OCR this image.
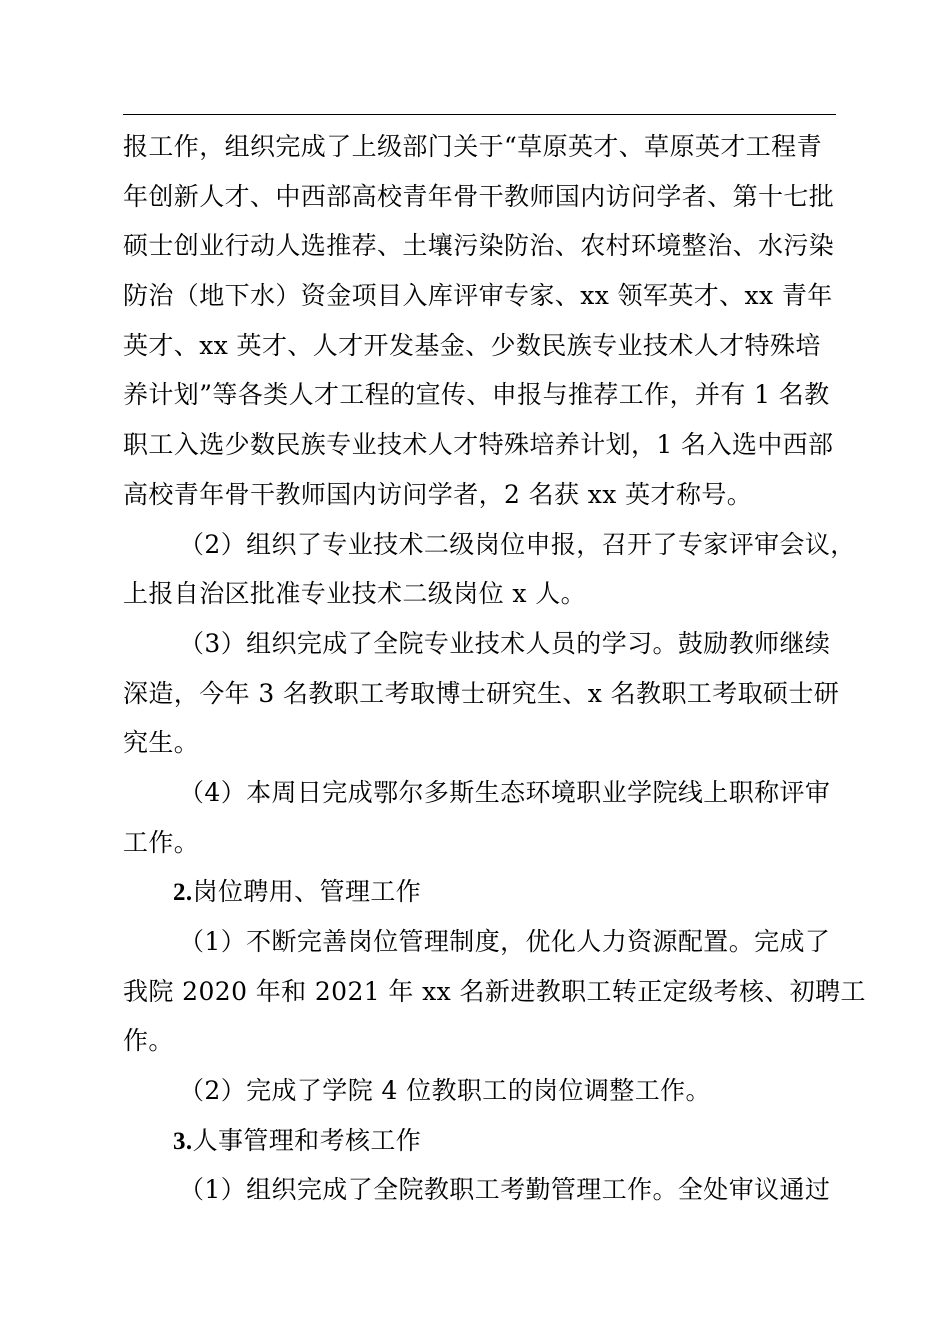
报工作，组织完成了上级部门关于“草原英才、草原英才工程青
年创新人才、中西部高校青年骨干教师国内访问学者、第十七批
硕士创业行动人选推荐、土壤污染防治、农村环境整治、水污染
防治（地下水）资金项目入库评审专家、xx 领军英才、xx 青年
英才、xx 英才、人才开发基金、少数民族专业技术人才特殊培
养计划”等各类人才工程的宣传、申报与推荐工作，并有 1 名教
职工入选少数民族专业技术人才特殊培养计划，1 名入选中西部
高校青年骨干教师国内访问学者，2 名获 xx 英才称号。
（2）组织了专业技术二级岗位申报，召开了专家评审会议，
上报自治区批准专业技术二级岗位 x 人。
（3）组织完成了全院专业技术人员的学习。鼓励教师继续
深造，今年 3 名教职工考取博士研究生、x 名教职工考取硕士研
究生。
（4）本周日完成鄂尔多斯生态环境职业学院线上职称评审
工作。
2.岗位聘用、管理工作
（1）不断完善岗位管理制度，优化人力资源配置。完成了
我院 2020 年和 2021 年 xx 名新进教职工转正定级考核、初聘工
作。
（2）完成了学院 4 位教职工的岗位调整工作。
3.人事管理和考核工作
（1）组织完成了全院教职工考勤管理工作。全处审议通过
